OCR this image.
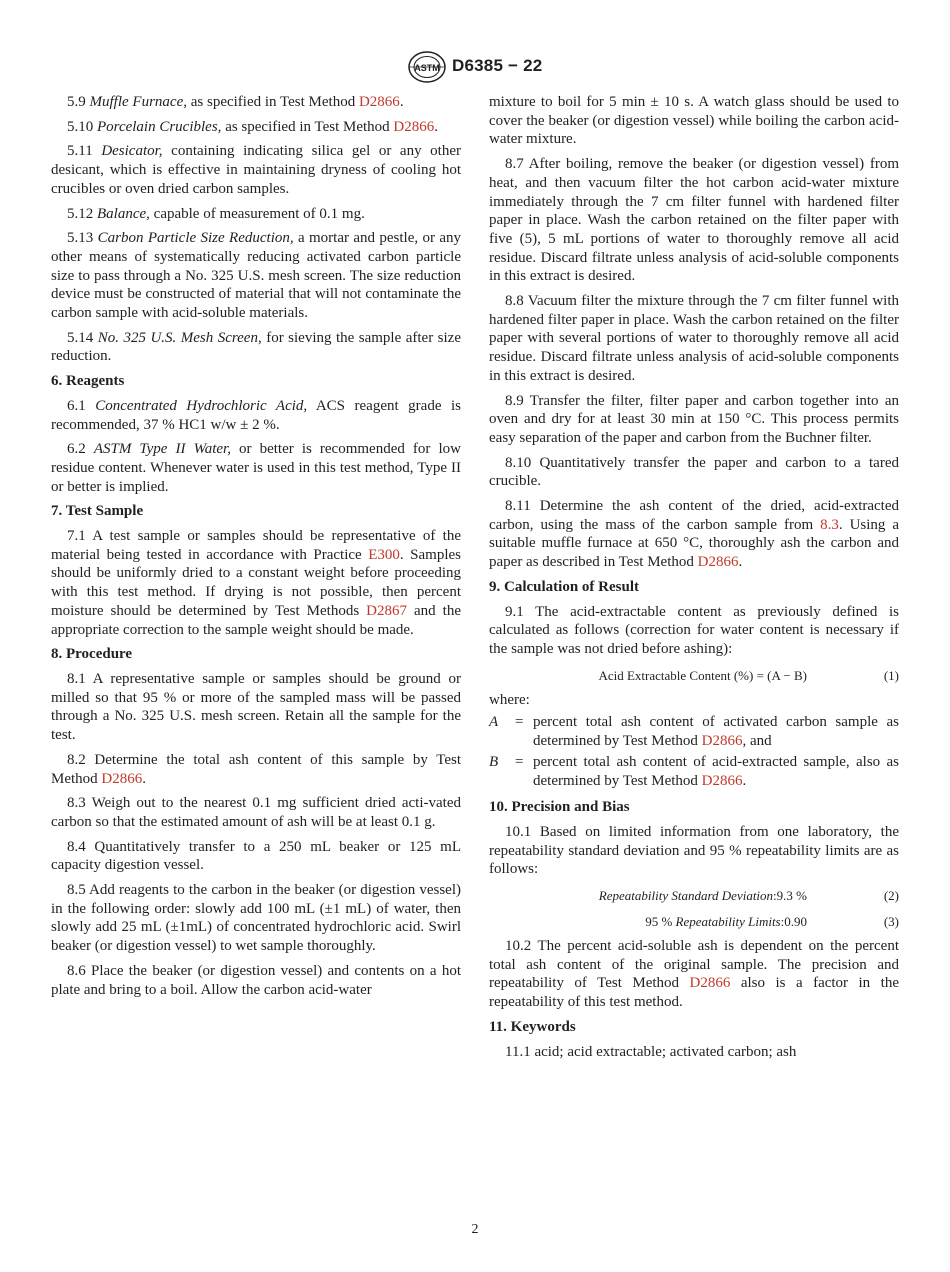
ASTM D6385 − 22

5.9 Muffle Furnace, as specified in Test Method D2866.

5.10 Porcelain Crucibles, as specified in Test Method D2866.

5.11 Desicator, containing indicating silica gel or any other desicant, which is effective in maintaining dryness of cooling hot crucibles or oven dried carbon samples.

5.12 Balance, capable of measurement of 0.1 mg.

5.13 Carbon Particle Size Reduction, a mortar and pestle, or any other means of systematically reducing activated carbon particle size to pass through a No. 325 U.S. mesh screen. The size reduction device must be constructed of material that will not contaminate the carbon sample with acid-soluble materials.

5.14 No. 325 U.S. Mesh Screen, for sieving the sample after size reduction.

6. Reagents

6.1 Concentrated Hydrochloric Acid, ACS reagent grade is recommended, 37 % HC1 w/w ± 2 %.

6.2 ASTM Type II Water, or better is recommended for low residue content. Whenever water is used in this test method, Type II or better is implied.

7. Test Sample

7.1 A test sample or samples should be representative of the material being tested in accordance with Practice E300. Samples should be uniformly dried to a constant weight before proceeding with this test method. If drying is not possible, then percent moisture should be determined by Test Methods D2867 and the appropriate correction to the sample weight should be made.

8. Procedure

8.1 A representative sample or samples should be ground or milled so that 95 % or more of the sampled mass will be passed through a No. 325 U.S. mesh screen. Retain all the sample for the test.

8.2 Determine the total ash content of this sample by Test Method D2866.

8.3 Weigh out to the nearest 0.1 mg sufficient dried acti-vated carbon so that the estimated amount of ash will be at least 0.1 g.

8.4 Quantitatively transfer to a 250 mL beaker or 125 mL capacity digestion vessel.

8.5 Add reagents to the carbon in the beaker (or digestion vessel) in the following order: slowly add 100 mL (±1 mL) of water, then slowly add 25 mL (±1mL) of concentrated hydrochloric acid. Swirl beaker (or digestion vessel) to wet sample thoroughly.

8.6 Place the beaker (or digestion vessel) and contents on a hot plate and bring to a boil. Allow the carbon acid-water

mixture to boil for 5 min ± 10 s. A watch glass should be used to cover the beaker (or digestion vessel) while boiling the carbon acid-water mixture.

8.7 After boiling, remove the beaker (or digestion vessel) from heat, and then vacuum filter the hot carbon acid-water mixture immediately through the 7 cm filter funnel with hardened filter paper in place. Wash the carbon retained on the filter paper with five (5), 5 mL portions of water to thoroughly remove all acid residue. Discard filtrate unless analysis of acid-soluble components in this extract is desired.

8.8 Vacuum filter the mixture through the 7 cm filter funnel with hardened filter paper in place. Wash the carbon retained on the filter paper with several portions of water to thoroughly remove all acid residue. Discard filtrate unless analysis of acid-soluble components in this extract is desired.

8.9 Transfer the filter, filter paper and carbon together into an oven and dry for at least 30 min at 150 °C. This process permits easy separation of the paper and carbon from the Buchner filter.

8.10 Quantitatively transfer the paper and carbon to a tared crucible.

8.11 Determine the ash content of the dried, acid-extracted carbon, using the mass of the carbon sample from 8.3. Using a suitable muffle furnace at 650 °C, thoroughly ash the carbon and paper as described in Test Method D2866.

9. Calculation of Result

9.1 The acid-extractable content as previously defined is calculated as follows (correction for water content is necessary if the sample was not dried before ashing):

Acid Extractable Content (%) = (A − B)	(1)

where:

A	= percent total ash content of activated carbon sample as determined by Test Method D2866, and
B	= percent total ash content of acid-extracted sample, also as determined by Test Method D2866.
10. Precision and Bias

10.1 Based on limited information from one laboratory, the repeatability standard deviation and 95 % repeatability limits are as follows:

Repeatability Standard Deviation:9.3 %	(2)
95 % Repeatability Limits:0.90	(3)

10.2 The percent acid-soluble ash is dependent on the percent total ash content of the original sample. The precision and repeatability of Test Method D2866 also is a factor in the repeatability of this test method.

11. Keywords

11.1 acid; acid extractable; activated carbon; ash

2
